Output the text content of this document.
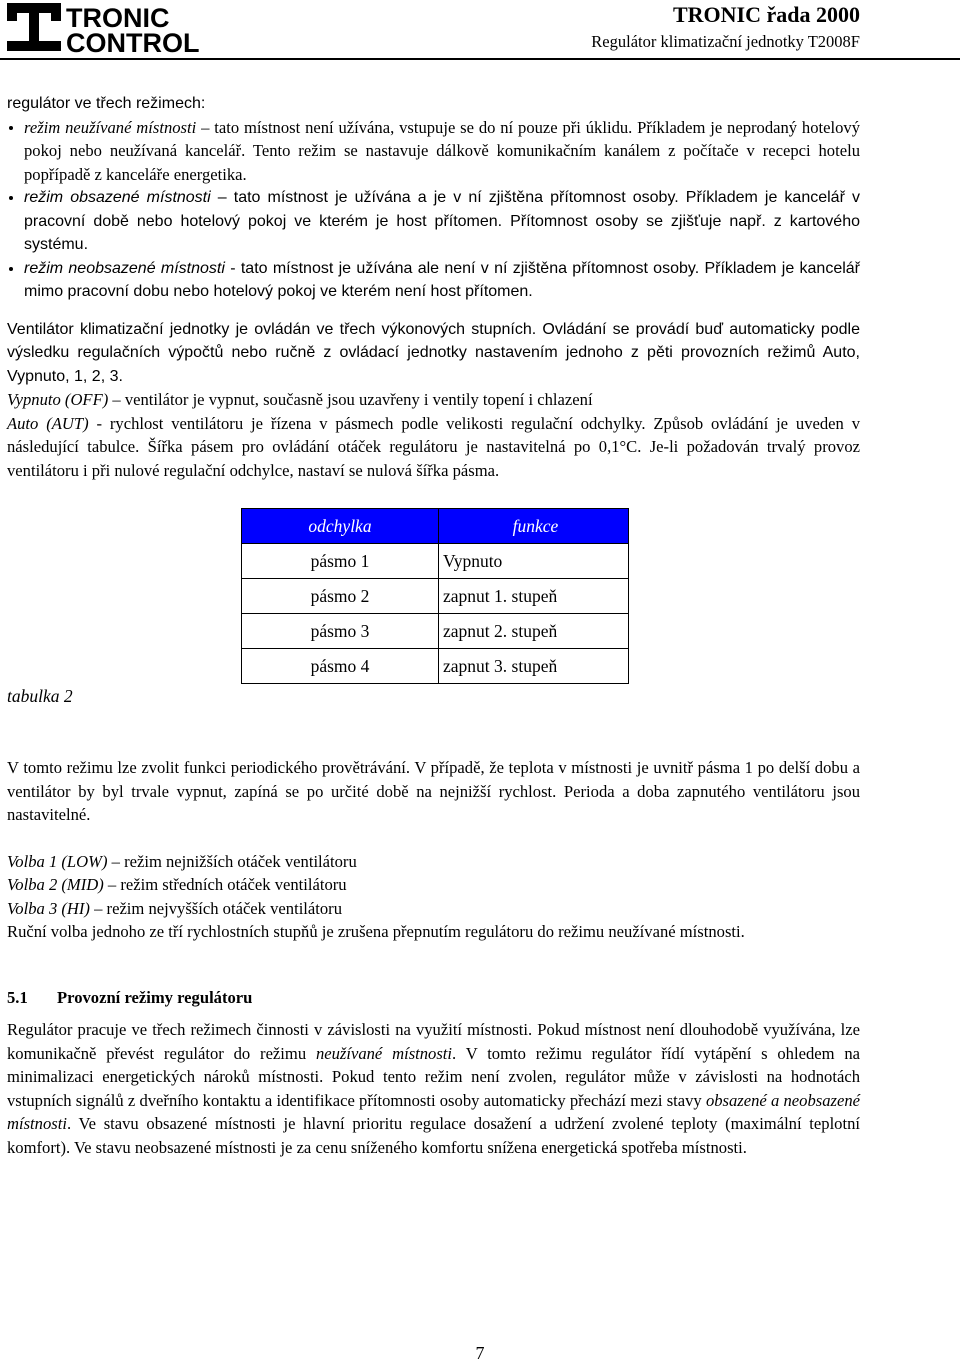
TRONIC
CONTROL
TRONIC řada 2000
Regulátor klimatizační jednotky T2008F

regulátor ve třech režimech:

režim neužívané místnosti – tato místnost není užívána, vstupuje se do ní pouze při úklidu. Příkladem je neprodaný hotelový pokoj nebo neužívaná kancelář. Tento režim se nastavuje dálkově komunikačním kanálem z počítače v recepci hotelu popřípadě z kanceláře energetika.
režim obsazené místnosti – tato místnost je užívána a je v ní zjištěna přítomnost osoby. Příkladem je kancelář v pracovní době nebo hotelový pokoj ve kterém je host přítomen. Přítomnost osoby se zjišťuje např. z kartového systému.
režim neobsazené místnosti - tato místnost je užívána ale není v ní zjištěna přítomnost osoby. Příkladem je kancelář mimo pracovní dobu nebo hotelový pokoj ve kterém není host přítomen.

Ventilátor klimatizační jednotky je ovládán ve třech výkonových stupních. Ovládání se provádí buď automaticky podle výsledku regulačních výpočtů nebo ručně z ovládací jednotky nastavením jednoho z pěti provozních režimů Auto, Vypnuto, 1, 2, 3.

Vypnuto (OFF) – ventilátor je vypnut, současně jsou uzavřeny i ventily topení i chlazení

Auto (AUT) - rychlost ventilátoru je řízena v pásmech podle velikosti regulační odchylky. Způsob ovládání je uveden v následující tabulce. Šířka pásem pro ovládání otáček regulátoru je nastavitelná po 0,1°C. Je-li požadován trvalý provoz ventilátoru i při nulové regulační odchylce, nastaví se nulová šířka pásma.

odchylka	funkce
pásmo 1	Vypnuto
pásmo 2	zapnut 1. stupeň
pásmo 3	zapnut 2. stupeň
pásmo 4	zapnut 3. stupeň

tabulka 2

V tomto režimu lze zvolit funkci periodického provětrávání. V případě, že teplota v místnosti je uvnitř pásma 1 po delší dobu a ventilátor by byl trvale vypnut, zapíná se po určité době na nejnižší rychlost. Perioda a doba zapnutého ventilátoru jsou nastavitelné.

Volba 1 (LOW) – režim nejnižších otáček ventilátoru

Volba 2 (MID) – režim středních otáček ventilátoru

Volba 3 (HI) – režim nejvyšších otáček ventilátoru

Ruční volba jednoho ze tří rychlostních stupňů je zrušena přepnutím regulátoru do režimu neužívané místnosti.

5.1 Provozní režimy regulátoru

Regulátor pracuje ve třech režimech činnosti v závislosti na využití místnosti. Pokud místnost není dlouhodobě využívána, lze komunikačně převést regulátor do režimu neužívané místnosti. V tomto režimu regulátor řídí vytápění s ohledem na minimalizaci energetických nároků místnosti. Pokud tento režim není zvolen, regulátor může v závislosti na hodnotách vstupních signálů z dveřního kontaktu a identifikace přítomnosti osoby automaticky přechází mezi stavy obsazené a neobsazené místnosti. Ve stavu obsazené místnosti je hlavní prioritu regulace dosažení a udržení zvolené teploty (maximální teplotní komfort). Ve stavu neobsazené místnosti je za cenu sníženého komfortu snížena energetická spotřeba místnosti.

7
